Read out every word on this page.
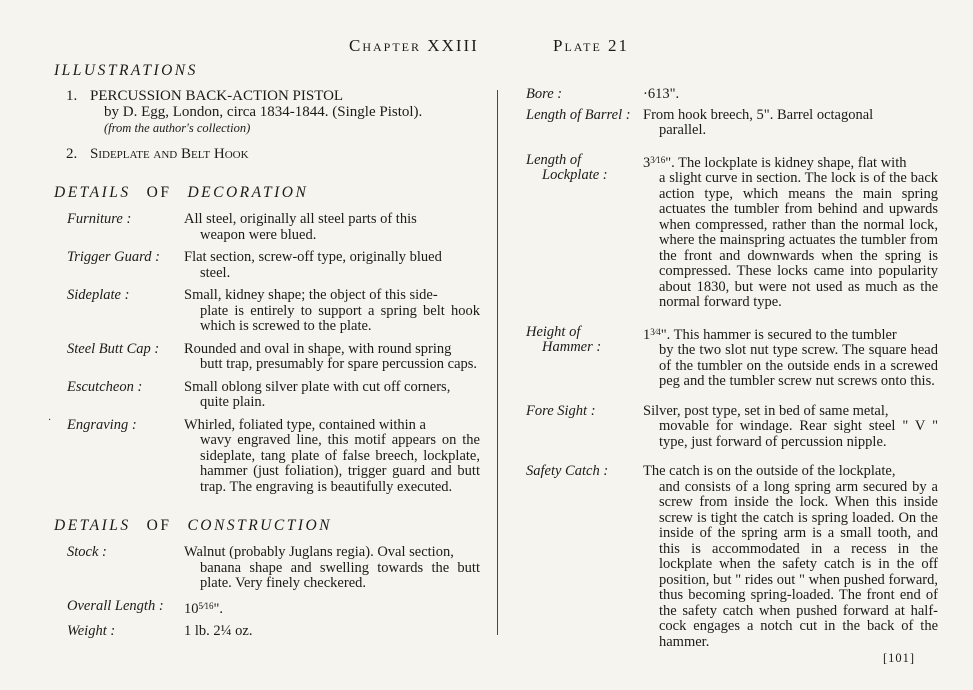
Chapter XXIII	Plate 21
ILLUSTRATIONS
1. PERCUSSION BACK-ACTION PISTOL
by D. Egg, London, circa 1834-1844. (Single Pistol).
(from the author's collection)
2. Sideplate and Belt Hook
DETAILS OF DECORATION
Furniture :	All steel, originally all steel parts of this
weapon were blued.
Trigger Guard :	Flat section, screw-off type, originally blued
steel.
Sideplate :	Small, kidney shape; the object of this side-
plate is entirely to support a spring belt hook which is screwed to the plate.
Steel Butt Cap :	Rounded and oval in shape, with round spring
butt trap, presumably for spare percussion caps.
Escutcheon :	Small oblong silver plate with cut off corners,
quite plain.
Engraving :	Whirled, foliated type, contained within a
wavy engraved line, this motif appears on the sideplate, tang plate of false breech, lockplate, hammer (just foliation), trigger guard and butt trap. The engraving is beautifully executed.
DETAILS OF CONSTRUCTION
Stock :	Walnut (probably Juglans regia). Oval section,
banana shape and swelling towards the butt plate. Very finely checkered.
Overall Length :	$10^{5⁄16}$".
Weight :	1 lb. 2¼ oz.
·
Bore :	·613".
Length of Barrel : From hook breech, 5". Barrel octagonal
parallel.
Length of
Lockplate :
$3^{3⁄16}$". The lockplate is kidney shape, flat with
a slight curve in section. The lock is of the back action type, which means the main spring actuates the tumbler from behind and upwards when compressed, rather than the normal lock, where the mainspring actuates the tumbler from the front and downwards when the spring is compressed. These locks came into popularity about 1830, but were not used as much as the normal forward type.
Height of
Hammer :
$1^{3⁄4}$". This hammer is secured to the tumbler
by the two slot nut type screw. The square head of the tumbler on the outside ends in a screwed peg and the tumbler screw nut screws onto this.
Fore Sight :	Silver, post type, set in bed of same metal,
movable for windage. Rear sight steel " V " type, just forward of percussion nipple.
Safety Catch :	The catch is on the outside of the lockplate,
and consists of a long spring arm secured by a screw from inside the lock. When this inside screw is tight the catch is spring loaded. On the inside of the spring arm is a small tooth, and this is accommodated in a recess in the lockplate when the safety catch is in the off position, but " rides out " when pushed forward, thus becoming spring-loaded. The front end of the safety catch when pushed forward at half-cock engages a notch cut in the back of the hammer.
[101]
